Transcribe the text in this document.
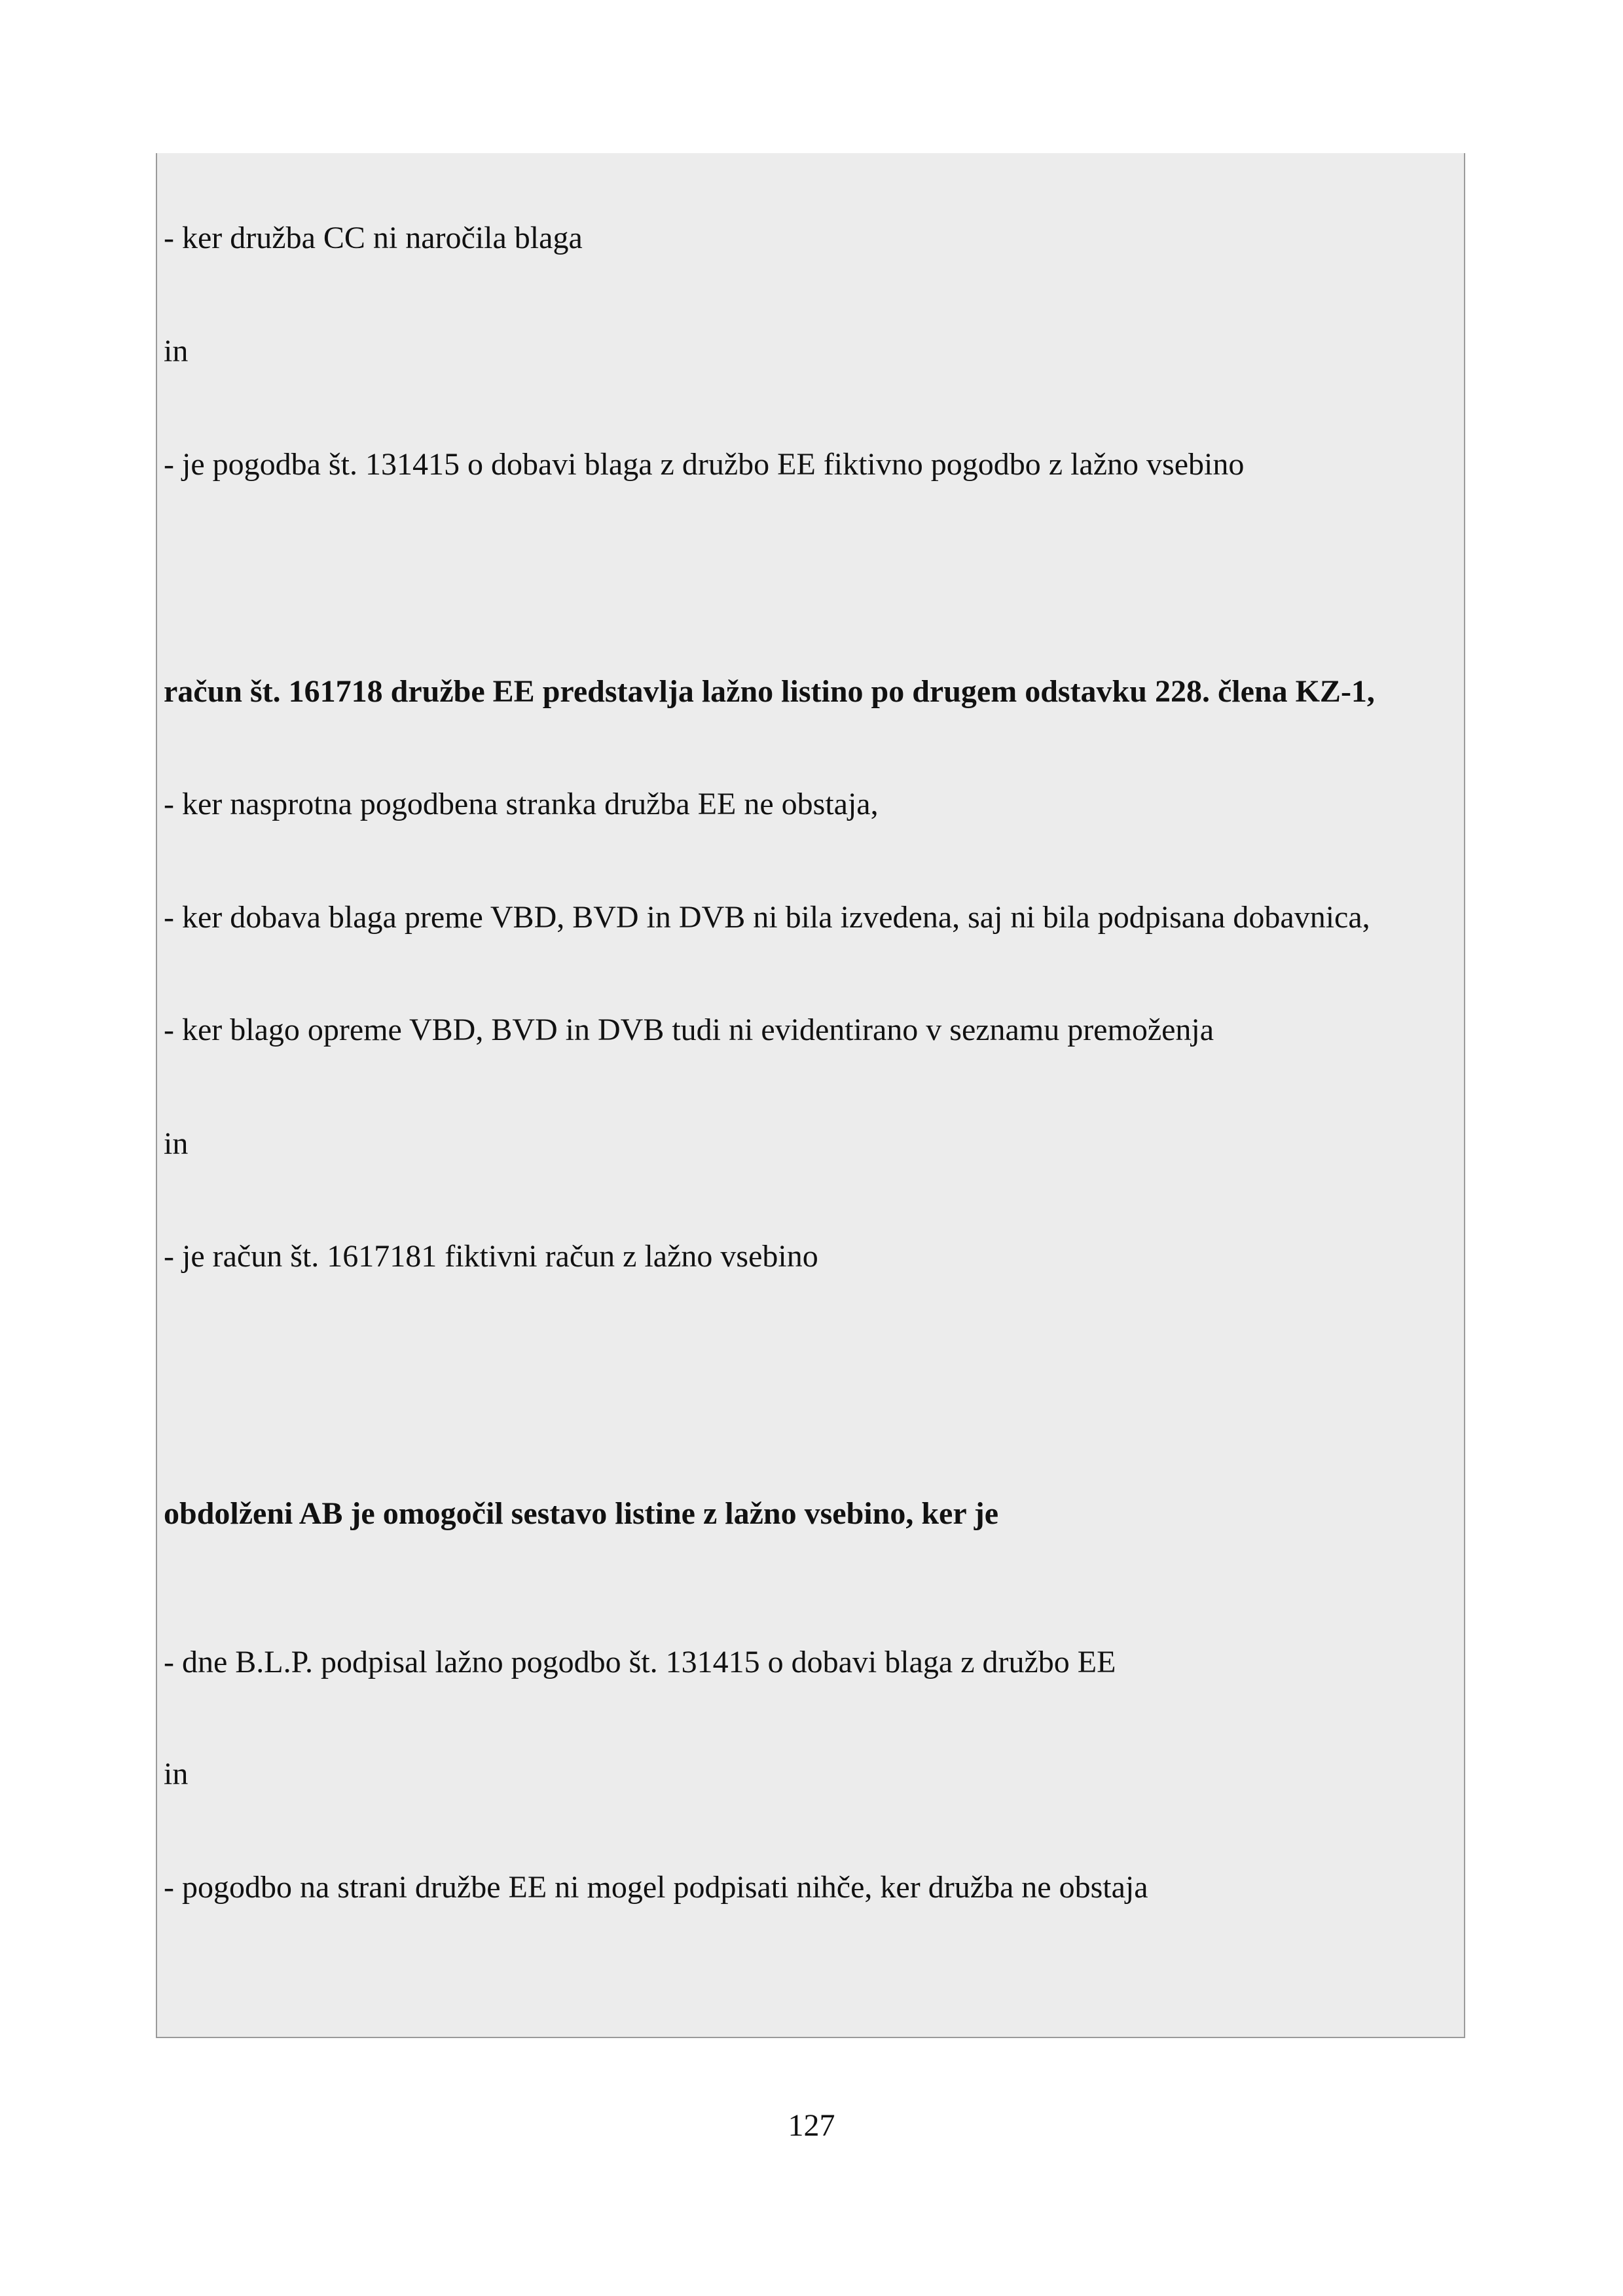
- ker družba CC ni naročila blaga
in
- je pogodba št. 131415 o dobavi blaga z družbo EE fiktivno pogodbo z lažno vsebino
račun št. 161718 družbe EE predstavlja lažno listino po drugem odstavku 228. člena KZ-1,
- ker nasprotna pogodbena stranka družba EE ne obstaja,
- ker dobava blaga preme VBD, BVD in DVB ni bila izvedena, saj ni bila podpisana dobavnica,
- ker blago opreme VBD, BVD in DVB tudi ni evidentirano v seznamu premoženja
in
- je račun št. 1617181 fiktivni račun z lažno vsebino
obdolženi AB je omogočil sestavo listine z lažno vsebino, ker je
- dne B.L.P. podpisal lažno pogodbo št. 131415 o dobavi blaga z družbo EE
in
- pogodbo na strani družbe EE ni mogel podpisati nihče, ker družba ne obstaja
127
